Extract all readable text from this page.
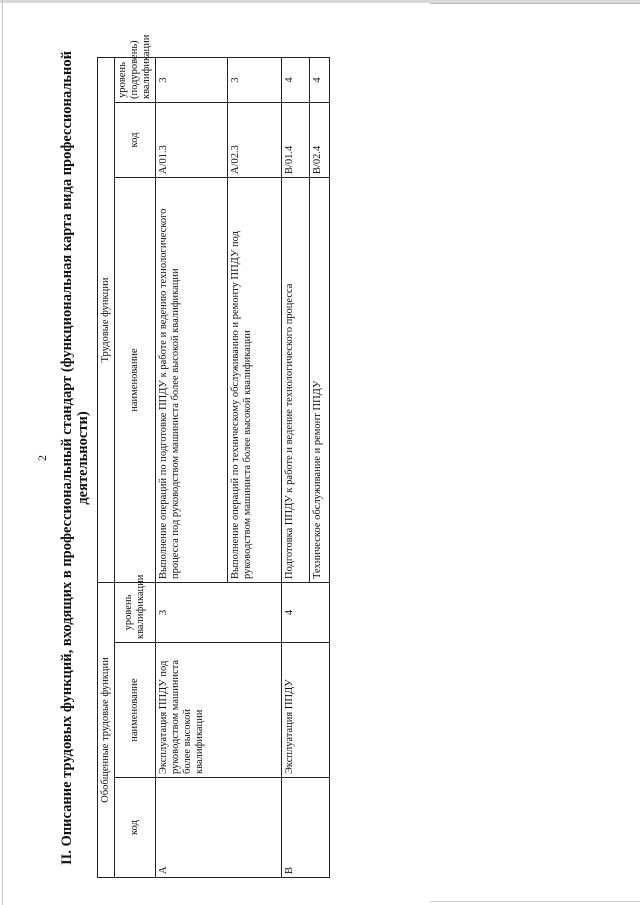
2 II. Описание трудовых функций, входящих в профессиональный стандарт (функциональная карта вида профессиональной деятельности)
Обобщенные трудовые функции			Трудовые функции		
код	наименование	уровень квалификации	наименование	код	уровень (подуровень) квалификации
А	Эксплуатация ППДУ под руководством машиниста более высокой квалификации	3	Выполнение операций по подготовке ППДУ к работе и ведению технологического процесса под руководством машиниста более высокой квалификации	А/01.3	3
			Выполнение операций по техническому обслуживанию и ремонту ППДУ под руководством машиниста более высокой квалификации	А/02.3	3
В	Эксплуатация ППДУ	4	Подготовка ППДУ к работе и ведение технологического процесса	В/01.4	4
			Техническое обслуживание и ремонт ППДУ	В/02.4	4
